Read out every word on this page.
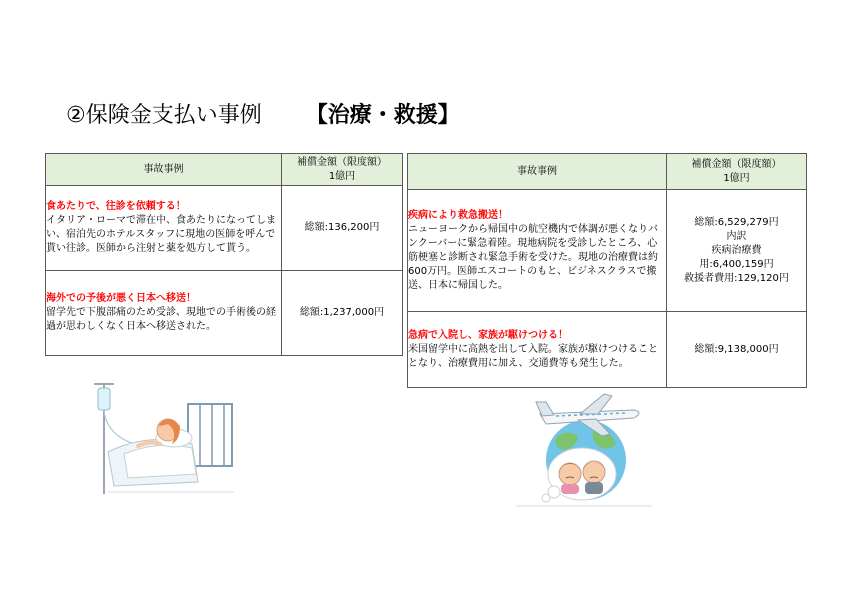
②保険金支払い事例 【治療・救援】
事故事例	補償金額（限度額）
1億円

食あたりで、往診を依頼する！
イタリア・ローマで滞在中、食あたりになってしまい、宿泊先のホテルスタッフに現地の医師を呼んで貰い往診。医師から注射と薬を処方して貰う。	総額:136,200円

海外での予後が悪く日本へ移送！
留学先で下腹部痛のため受診、現地での手術後の経過が思わしくなく日本へ移送された。	総額:1,237,000円
事故事例	補償金額（限度額）
1億円

疾病により救急搬送！
ニューヨークから帰国中の航空機内で体調が悪くなりバンクーバーに緊急着陸。現地病院を受診したところ、心筋梗塞と診断され緊急手術を受けた。現地の治療費は約600万円。医師エスコートのもと、ビジネスクラスで搬送、日本に帰国した。	総額:6,529,279円
内訳
疾病治療費
用:6,400,159円
救援者費用:129,120円

急病で入院し、家族が駆けつける！
米国留学中に高熱を出して入院。家族が駆けつけることとなり、治療費用に加え、交通費等も発生した。	総額:9,138,000円
